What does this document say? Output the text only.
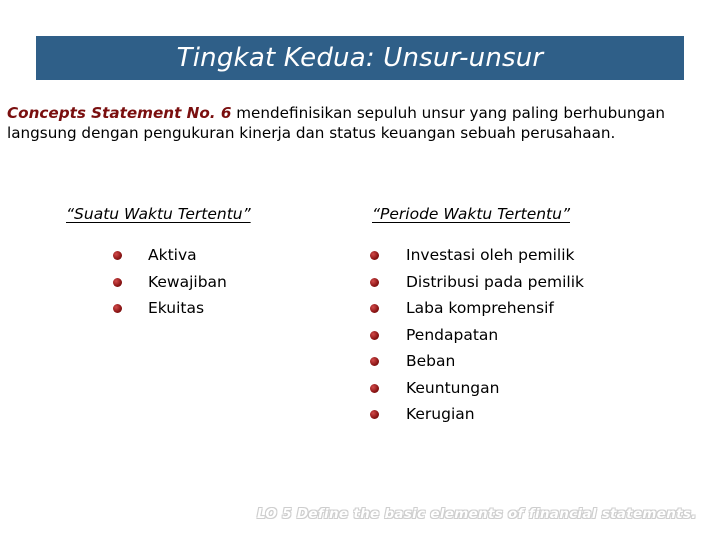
Tingkat Kedua: Unsur-unsur
Concepts Statement No. 6 mendefinisikan sepuluh unsur yang paling berhubungan langsung dengan pengukuran kinerja dan status keuangan sebuah perusahaan.
“Suatu Waktu Tertentu”	“Periode Waktu Tertentu”
Aktiva
Kewajiban
Ekuitas
Investasi oleh pemilik
Distribusi pada pemilik
Laba komprehensif
Pendapatan
Beban
Keuntungan
Kerugian
LO 5 Define the basic elements of financial statements.
